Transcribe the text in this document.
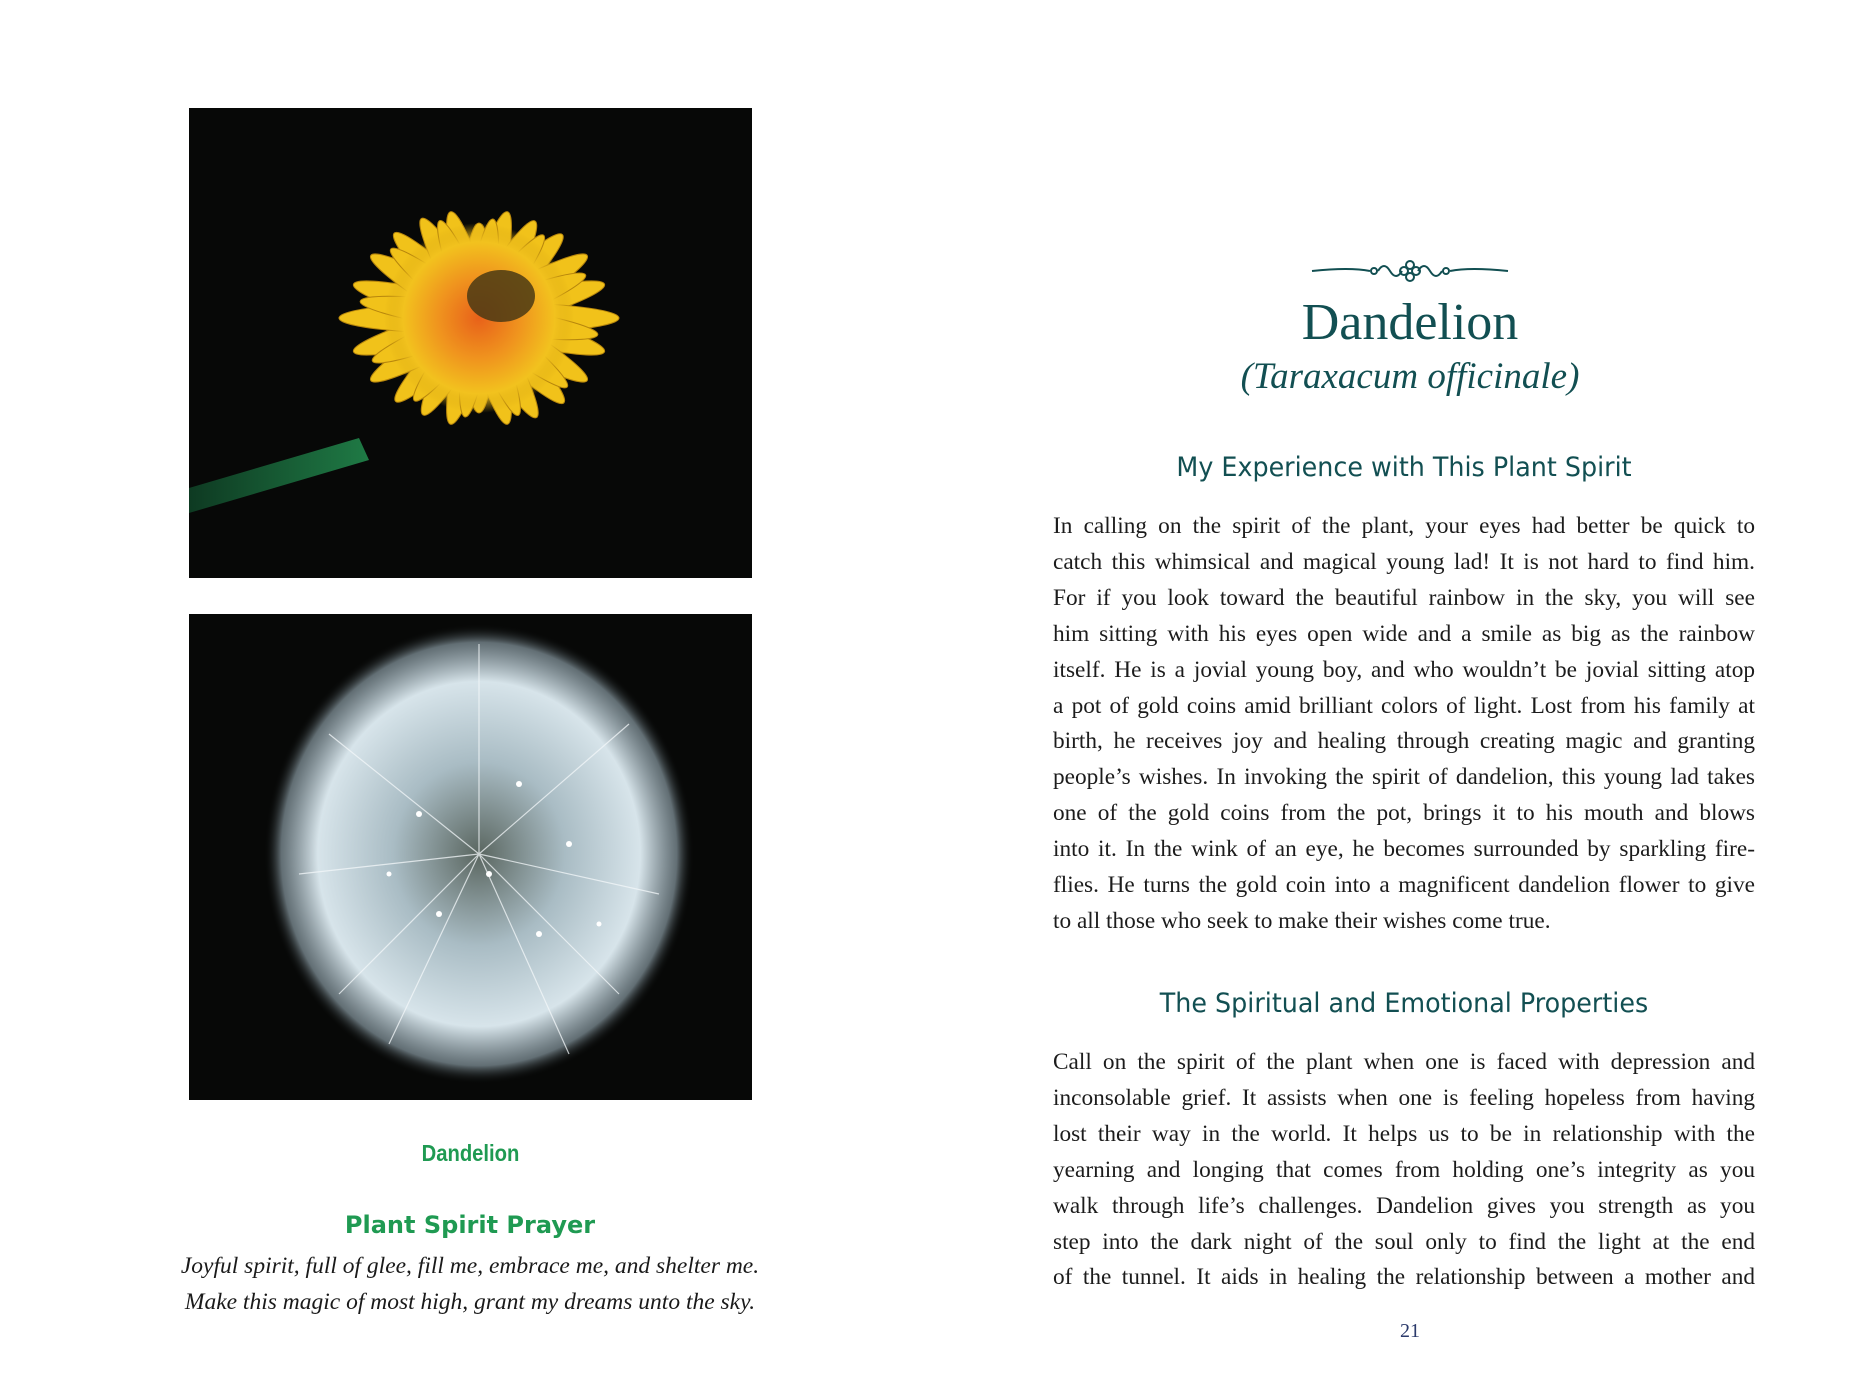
Dandelion
Plant Spirit Prayer
Joyful spirit, full of glee, fill me, embrace me, and shelter me.
Make this magic of most high, grant my dreams unto the sky.
Dandelion
(Taraxacum officinale)
My Experience with This Plant Spirit
In calling on the spirit of the plant, your eyes had better be quick to
catch this whimsical and magical young lad! It is not hard to find him.
For if you look toward the beautiful rainbow in the sky, you will see
him sitting with his eyes open wide and a smile as big as the rainbow
itself. He is a jovial young boy, and who wouldn’t be jovial sitting atop
a pot of gold coins amid brilliant colors of light. Lost from his family at
birth, he receives joy and healing through creating magic and granting
people’s wishes. In invoking the spirit of dandelion, this young lad takes
one of the gold coins from the pot, brings it to his mouth and blows
into it. In the wink of an eye, he becomes surrounded by sparkling fire-
flies. He turns the gold coin into a magnificent dandelion flower to give
to all those who seek to make their wishes come true.
The Spiritual and Emotional Properties
Call on the spirit of the plant when one is faced with depression and
inconsolable grief. It assists when one is feeling hopeless from having
lost their way in the world. It helps us to be in relationship with the
yearning and longing that comes from holding one’s integrity as you
walk through life’s challenges. Dandelion gives you strength as you
step into the dark night of the soul only to find the light at the end
of the tunnel. It aids in healing the relationship between a mother and
21
